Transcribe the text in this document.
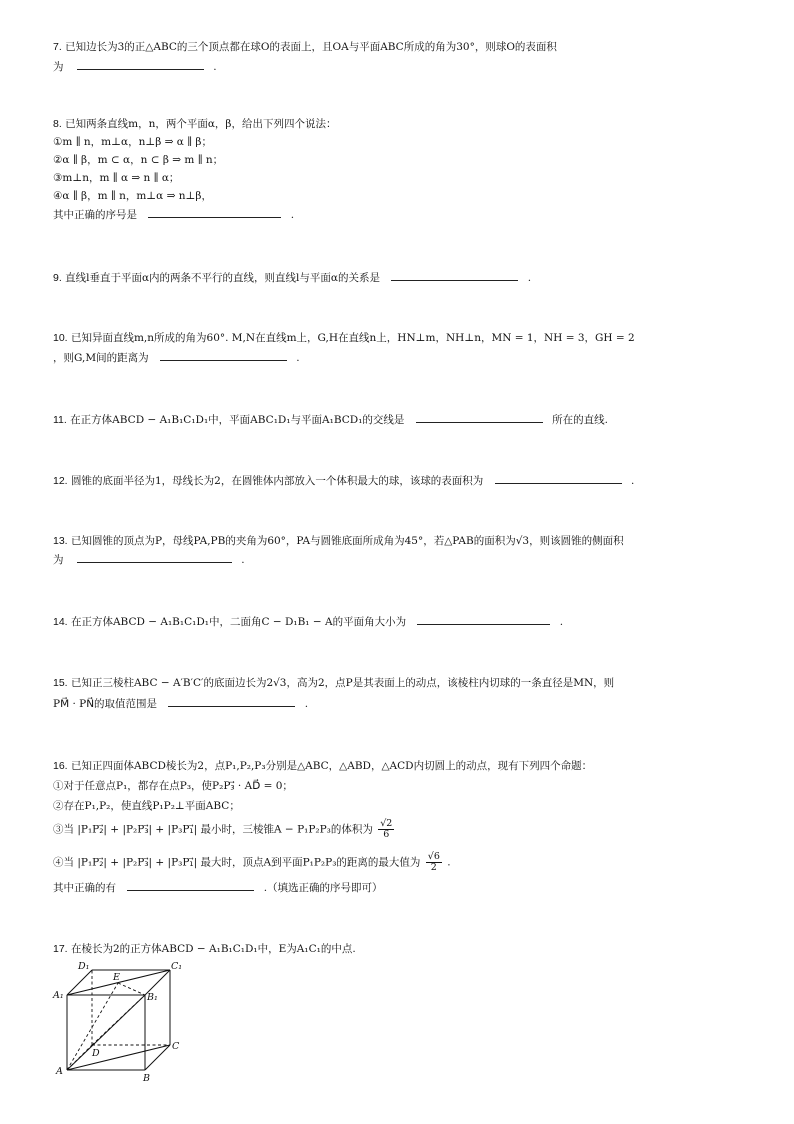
7. 已知边长为3的正△ABC的三个顶点都在球O的表面上，且OA与平面ABC所成的角为30°，则球O的表面积
为	.
8. 已知两条直线m，n，两个平面α，β，给出下列四个说法：
①m ∥ n，m⊥α，n⊥β ⇒ α ∥ β；
②α ∥ β，m ⊂ α，n ⊂ β ⇒ m ∥ n；
③m⊥n，m ∥ α ⇒ n ∥ α；
④α ∥ β，m ∥ n，m⊥α ⇒ n⊥β，
其中正确的序号是	.
9. 直线l垂直于平面α内的两条不平行的直线，则直线l与平面α的关系是	.
10. 已知异面直线m,n所成的角为60°. M,N在直线m上，G,H在直线n上，HN⊥m，NH⊥n，MN = 1，NH = 3，GH = 2
，则G,M间的距离为	.
11. 在正方体ABCD − A₁B₁C₁D₁中，平面ABC₁D₁与平面A₁BCD₁的交线是	所在的直线.
12. 圆锥的底面半径为1，母线长为2，在圆锥体内部放入一个体积最大的球，该球的表面积为	.
13. 已知圆锥的顶点为P，母线PA,PB的夹角为60°，PA与圆锥底面所成角为45°，若△PAB的面积为√3，则该圆锥的侧面积
为	.
14. 在正方体ABCD − A₁B₁C₁D₁中，二面角C − D₁B₁ − A的平面角大小为	.
15. 已知正三棱柱ABC − A′B′C′的底面边长为2√3，高为2，点P是其表面上的动点，该棱柱内切球的一条直径是MN，则
PM⃗ · PN⃗的取值范围是	.
16. 已知正四面体ABCD棱长为2，点P₁,P₂,P₃分别是△ABC，△ABD，△ACD内切圆上的动点，现有下列四个命题：
①对于任意点P₁，都存在点P₃，使P₂P₃⃗ · AD⃗ = 0；
②存在P₁,P₂，使直线P₁P₂⊥平面ABC；
③当 |P₁P₂⃗| + |P₂P₃⃗| + |P₃P₁⃗| 最小时，三棱锥A − P₁P₂P₃的体积为 $\frac{√2}{6}$
④当 |P₁P₂⃗| + |P₂P₃⃗| + |P₃P₁⃗| 最大时，顶点A到平面P₁P₂P₃的距离的最大值为 $\frac{√6}{2}$ .
其中正确的有	.（填选正确的序号即可）
17. 在棱长为2的正方体ABCD − A₁B₁C₁D₁中，E为A₁C₁的中点.
D₁	C₁
A₁	B₁
E
D
C
A
B
